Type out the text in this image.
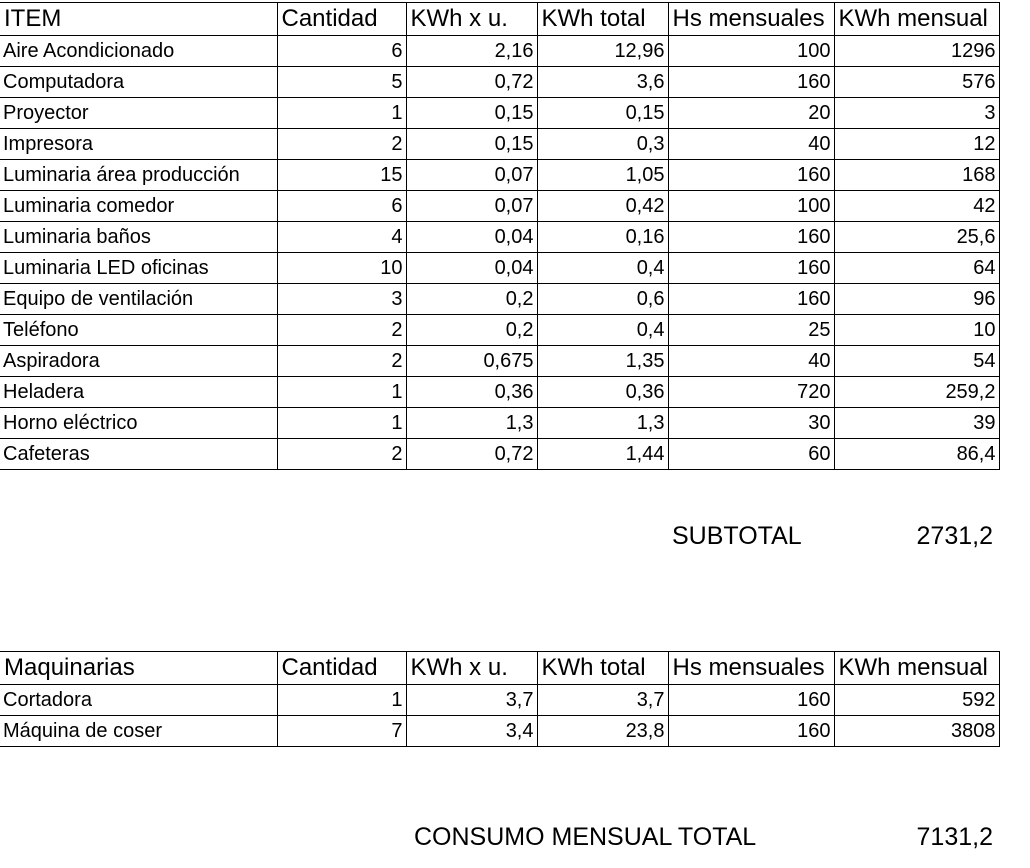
ITEM	Cantidad	KWh x u.	KWh total	Hs mensuales	KWh mensual
Aire Acondicionado	6	2,16	12,96	100	1296
Computadora	5	0,72	3,6	160	576
Proyector	1	0,15	0,15	20	3
Impresora	2	0,15	0,3	40	12
Luminaria área producción	15	0,07	1,05	160	168
Luminaria comedor	6	0,07	0,42	100	42
Luminaria baños	4	0,04	0,16	160	25,6
Luminaria LED oficinas	10	0,04	0,4	160	64
Equipo de ventilación	3	0,2	0,6	160	96
Teléfono	2	0,2	0,4	25	10
Aspiradora	2	0,675	1,35	40	54
Heladera	1	0,36	0,36	720	259,2
Horno eléctrico	1	1,3	1,3	30	39
Cafeteras	2	0,72	1,44	60	86,4
SUBTOTAL	2731,2
Maquinarias	Cantidad	KWh x u.	KWh total	Hs mensuales	KWh mensual
Cortadora	1	3,7	3,7	160	592
Máquina de coser	7	3,4	23,8	160	3808
CONSUMO MENSUAL TOTAL	7131,2
